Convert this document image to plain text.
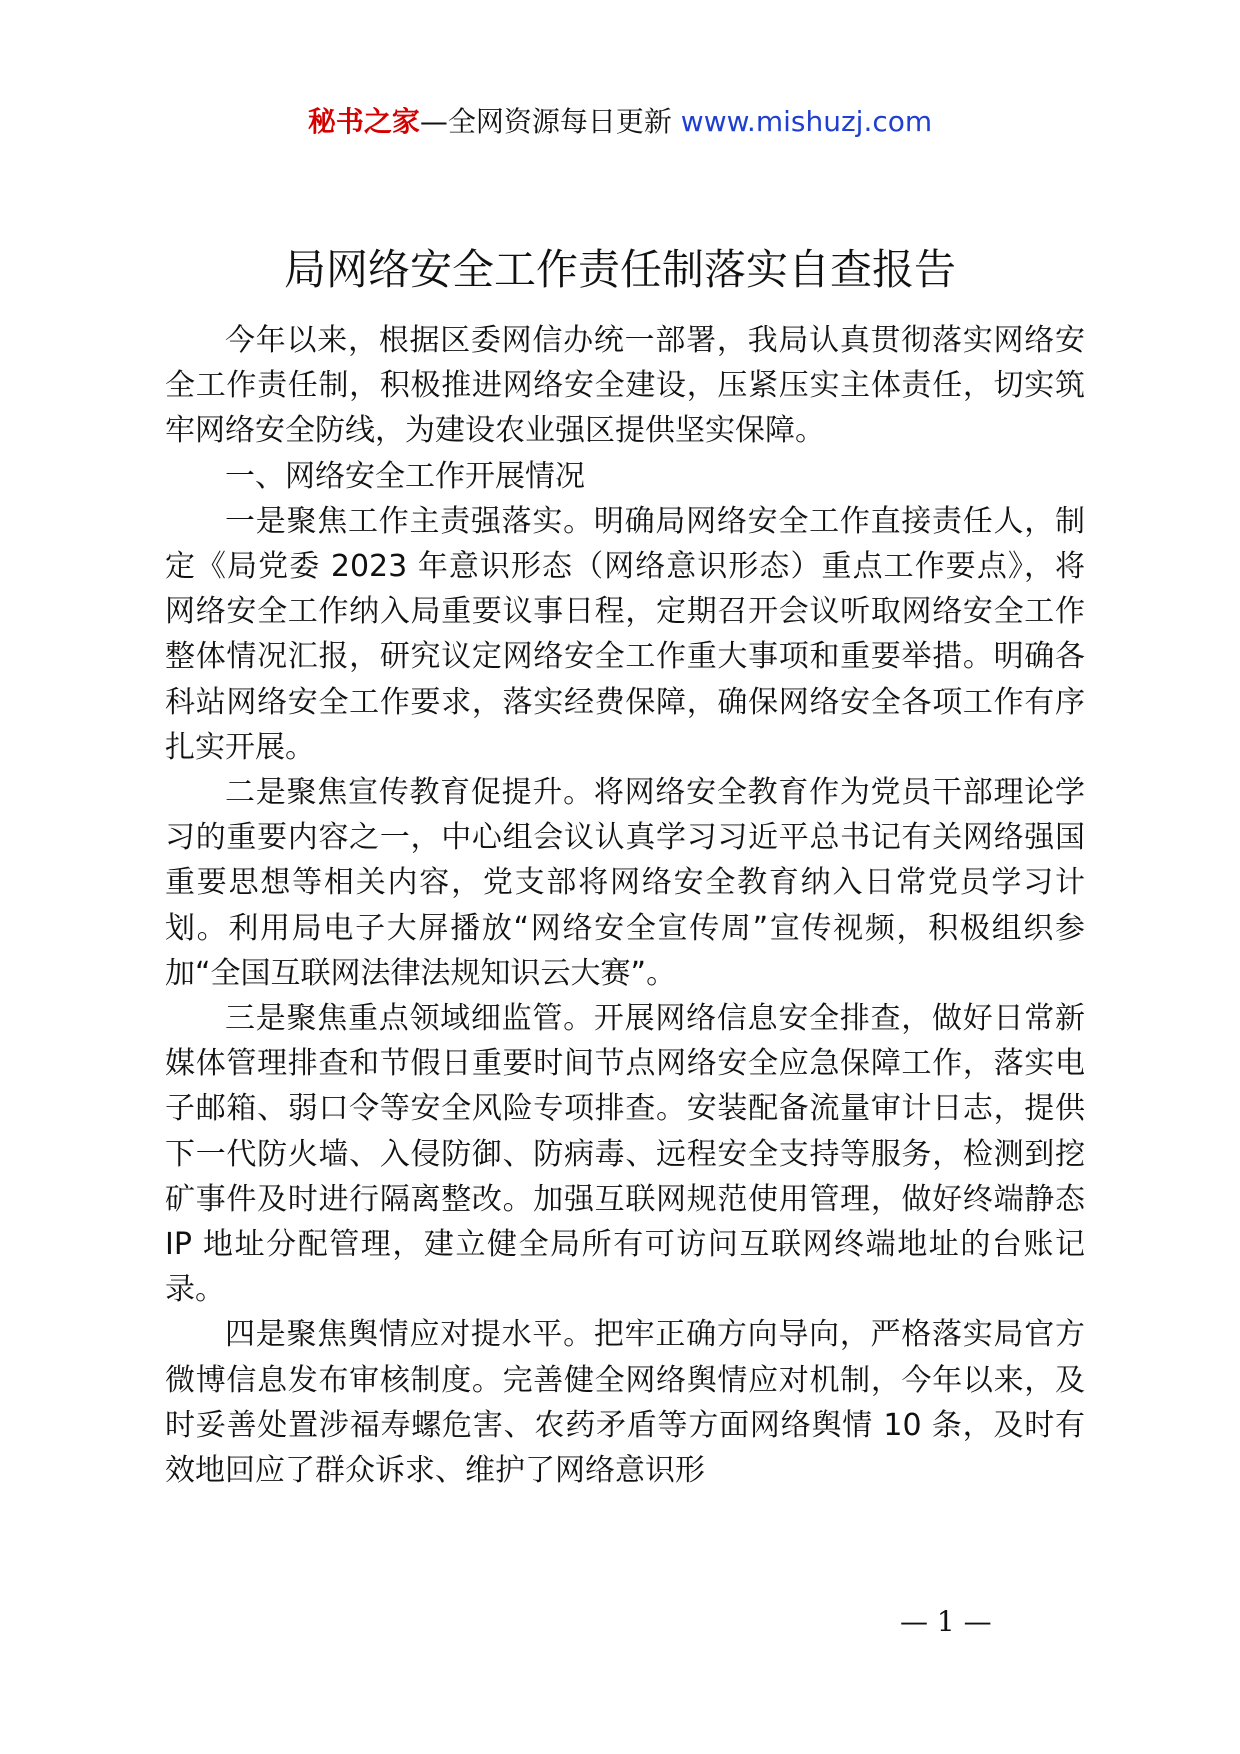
秘书之家—全网资源每日更新 www.mishuzj.com
局网络安全工作责任制落实自查报告

今年以来，根据区委网信办统一部署，我局认真贯彻落实网络安全工作责任制，积极推进网络安全建设，压紧压实主体责任，切实筑牢网络安全防线，为建设农业强区提供坚实保障。

一、网络安全工作开展情况

一是聚焦工作主责强落实。明确局网络安全工作直接责任人，制定《局党委 2023 年意识形态（网络意识形态）重点工作要点》，将网络安全工作纳入局重要议事日程，定期召开会议听取网络安全工作整体情况汇报，研究议定网络安全工作重大事项和重要举措。明确各科站网络安全工作要求，落实经费保障，确保网络安全各项工作有序扎实开展。

二是聚焦宣传教育促提升。将网络安全教育作为党员干部理论学习的重要内容之一，中心组会议认真学习习近平总书记有关网络强国重要思想等相关内容，党支部将网络安全教育纳入日常党员学习计划。利用局电子大屏播放“网络安全宣传周”宣传视频，积极组织参加“全国互联网法律法规知识云大赛”。

三是聚焦重点领域细监管。开展网络信息安全排查，做好日常新媒体管理排查和节假日重要时间节点网络安全应急保障工作，落实电子邮箱、弱口令等安全风险专项排查。安装配备流量审计日志，提供下一代防火墙、入侵防御、防病毒、远程安全支持等服务，检测到挖矿事件及时进行隔离整改。加强互联网规范使用管理，做好终端静态 IP 地址分配管理，建立健全局所有可访问互联网终端地址的台账记录。

四是聚焦舆情应对提水平。把牢正确方向导向，严格落实局官方微博信息发布审核制度。完善健全网络舆情应对机制，今年以来，及时妥善处置涉福寿螺危害、农药矛盾等方面网络舆情 10 条，及时有效地回应了群众诉求、维护了网络意识形

— 1 —
